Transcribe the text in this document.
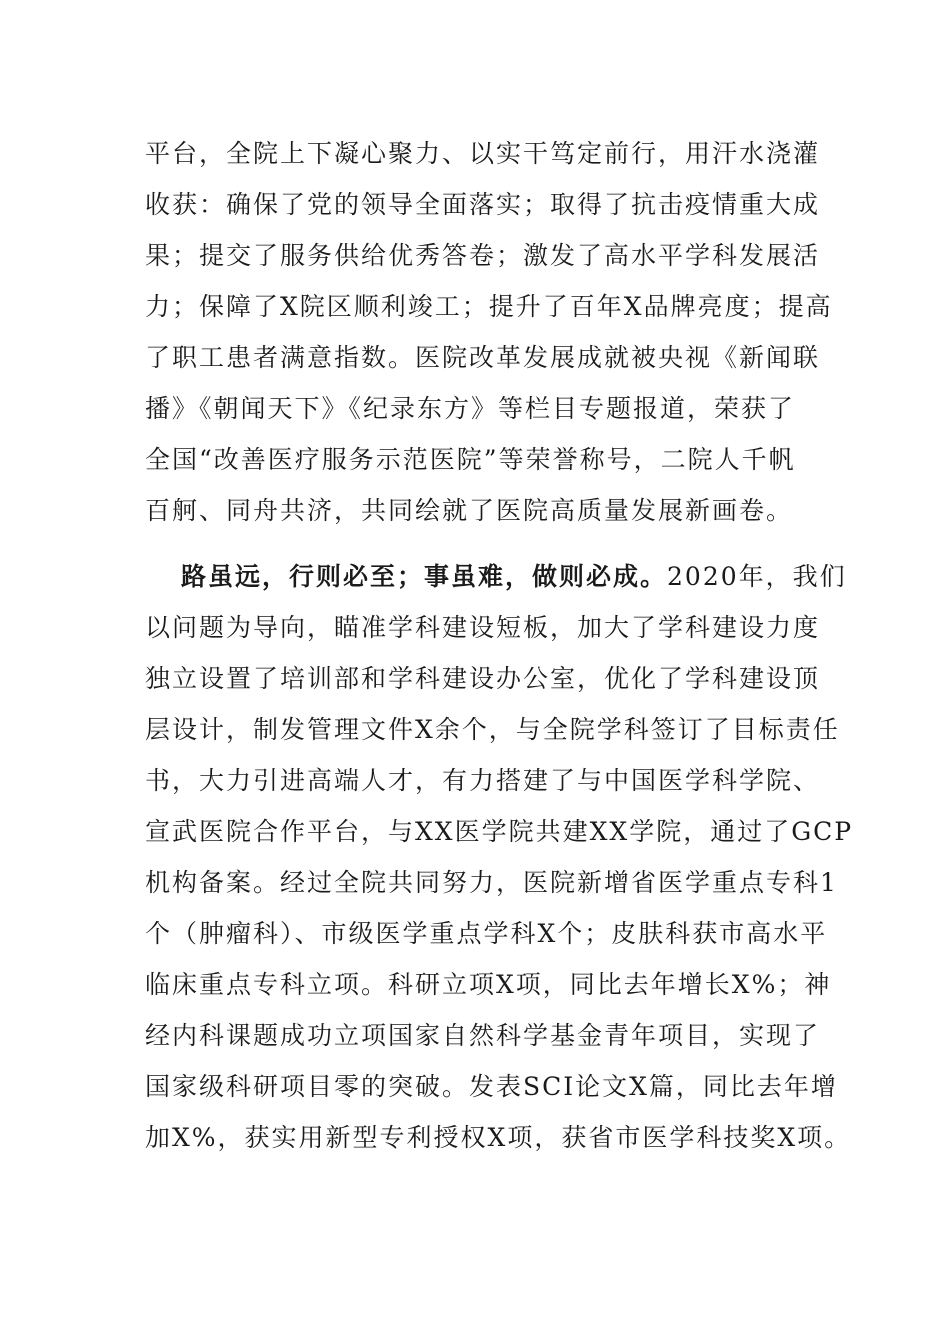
平台，全院上下凝心聚力、以实干笃定前行，用汗水浇灌
收获：确保了党的领导全面落实；取得了抗击疫情重大成
果；提交了服务供给优秀答卷；激发了高水平学科发展活
力；保障了X院区顺利竣工；提升了百年X品牌亮度；提高
了职工患者满意指数。医院改革发展成就被央视《新闻联
播》《朝闻天下》《纪录东方》等栏目专题报道，荣获了
全国“改善医疗服务示范医院”等荣誉称号，二院人千帆
百舸、同舟共济，共同绘就了医院高质量发展新画卷。
路虽远，行则必至；事虽难，做则必成。2020年，我们
以问题为导向，瞄准学科建设短板，加大了学科建设力度
独立设置了培训部和学科建设办公室，优化了学科建设顶
层设计，制发管理文件X余个，与全院学科签订了目标责任
书，大力引进高端人才，有力搭建了与中国医学科学院、
宣武医院合作平台，与XX医学院共建XX学院，通过了GCP
机构备案。经过全院共同努力，医院新增省医学重点专科1
个（肿瘤科）、市级医学重点学科X个；皮肤科获市高水平
临床重点专科立项。科研立项X项，同比去年增长X%；神
经内科课题成功立项国家自然科学基金青年项目，实现了
国家级科研项目零的突破。发表SCI论文X篇，同比去年增
加X%，获实用新型专利授权X项，获省市医学科技奖X项。
